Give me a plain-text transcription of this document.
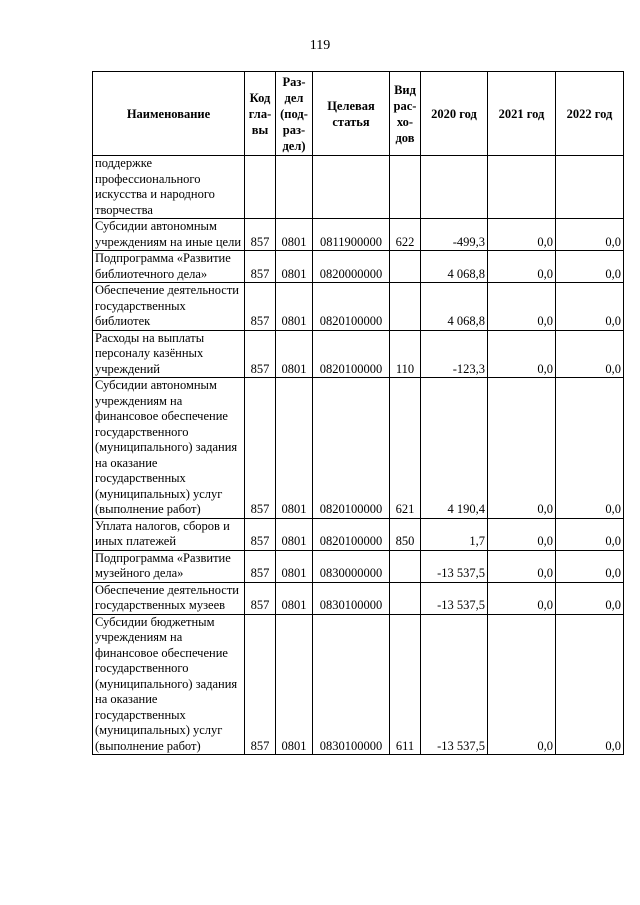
119
Наименование	Код гла- вы	Раз- дел (под- раз- дел)	Целевая статья	Вид рас- хо- дов	2020 год	2021 год	2022 год
поддержке профессионального искусства и народного творчества							
Субсидии автономным учреждениям на иные цели	857	0801	0811900000	622	-499,3	0,0	0,0
Подпрограмма «Развитие библиотечного дела»	857	0801	0820000000		4 068,8	0,0	0,0
Обеспечение деятельности государственных библиотек	857	0801	0820100000		4 068,8	0,0	0,0
Расходы на выплаты персоналу казённых учреждений	857	0801	0820100000	110	-123,3	0,0	0,0
Субсидии автономным учреждениям на финансовое обеспечение государственного (муниципального) задания на оказание государственных (муниципальных) услуг (выполнение работ)	857	0801	0820100000	621	4 190,4	0,0	0,0
Уплата налогов, сборов и иных платежей	857	0801	0820100000	850	1,7	0,0	0,0
Подпрограмма «Развитие музейного дела»	857	0801	0830000000		-13 537,5	0,0	0,0
Обеспечение деятельности государственных музеев	857	0801	0830100000		-13 537,5	0,0	0,0
Субсидии бюджетным учреждениям на финансовое обеспечение государственного (муниципального) задания на оказание государственных (муниципальных) услуг (выполнение работ)	857	0801	0830100000	611	-13 537,5	0,0	0,0
